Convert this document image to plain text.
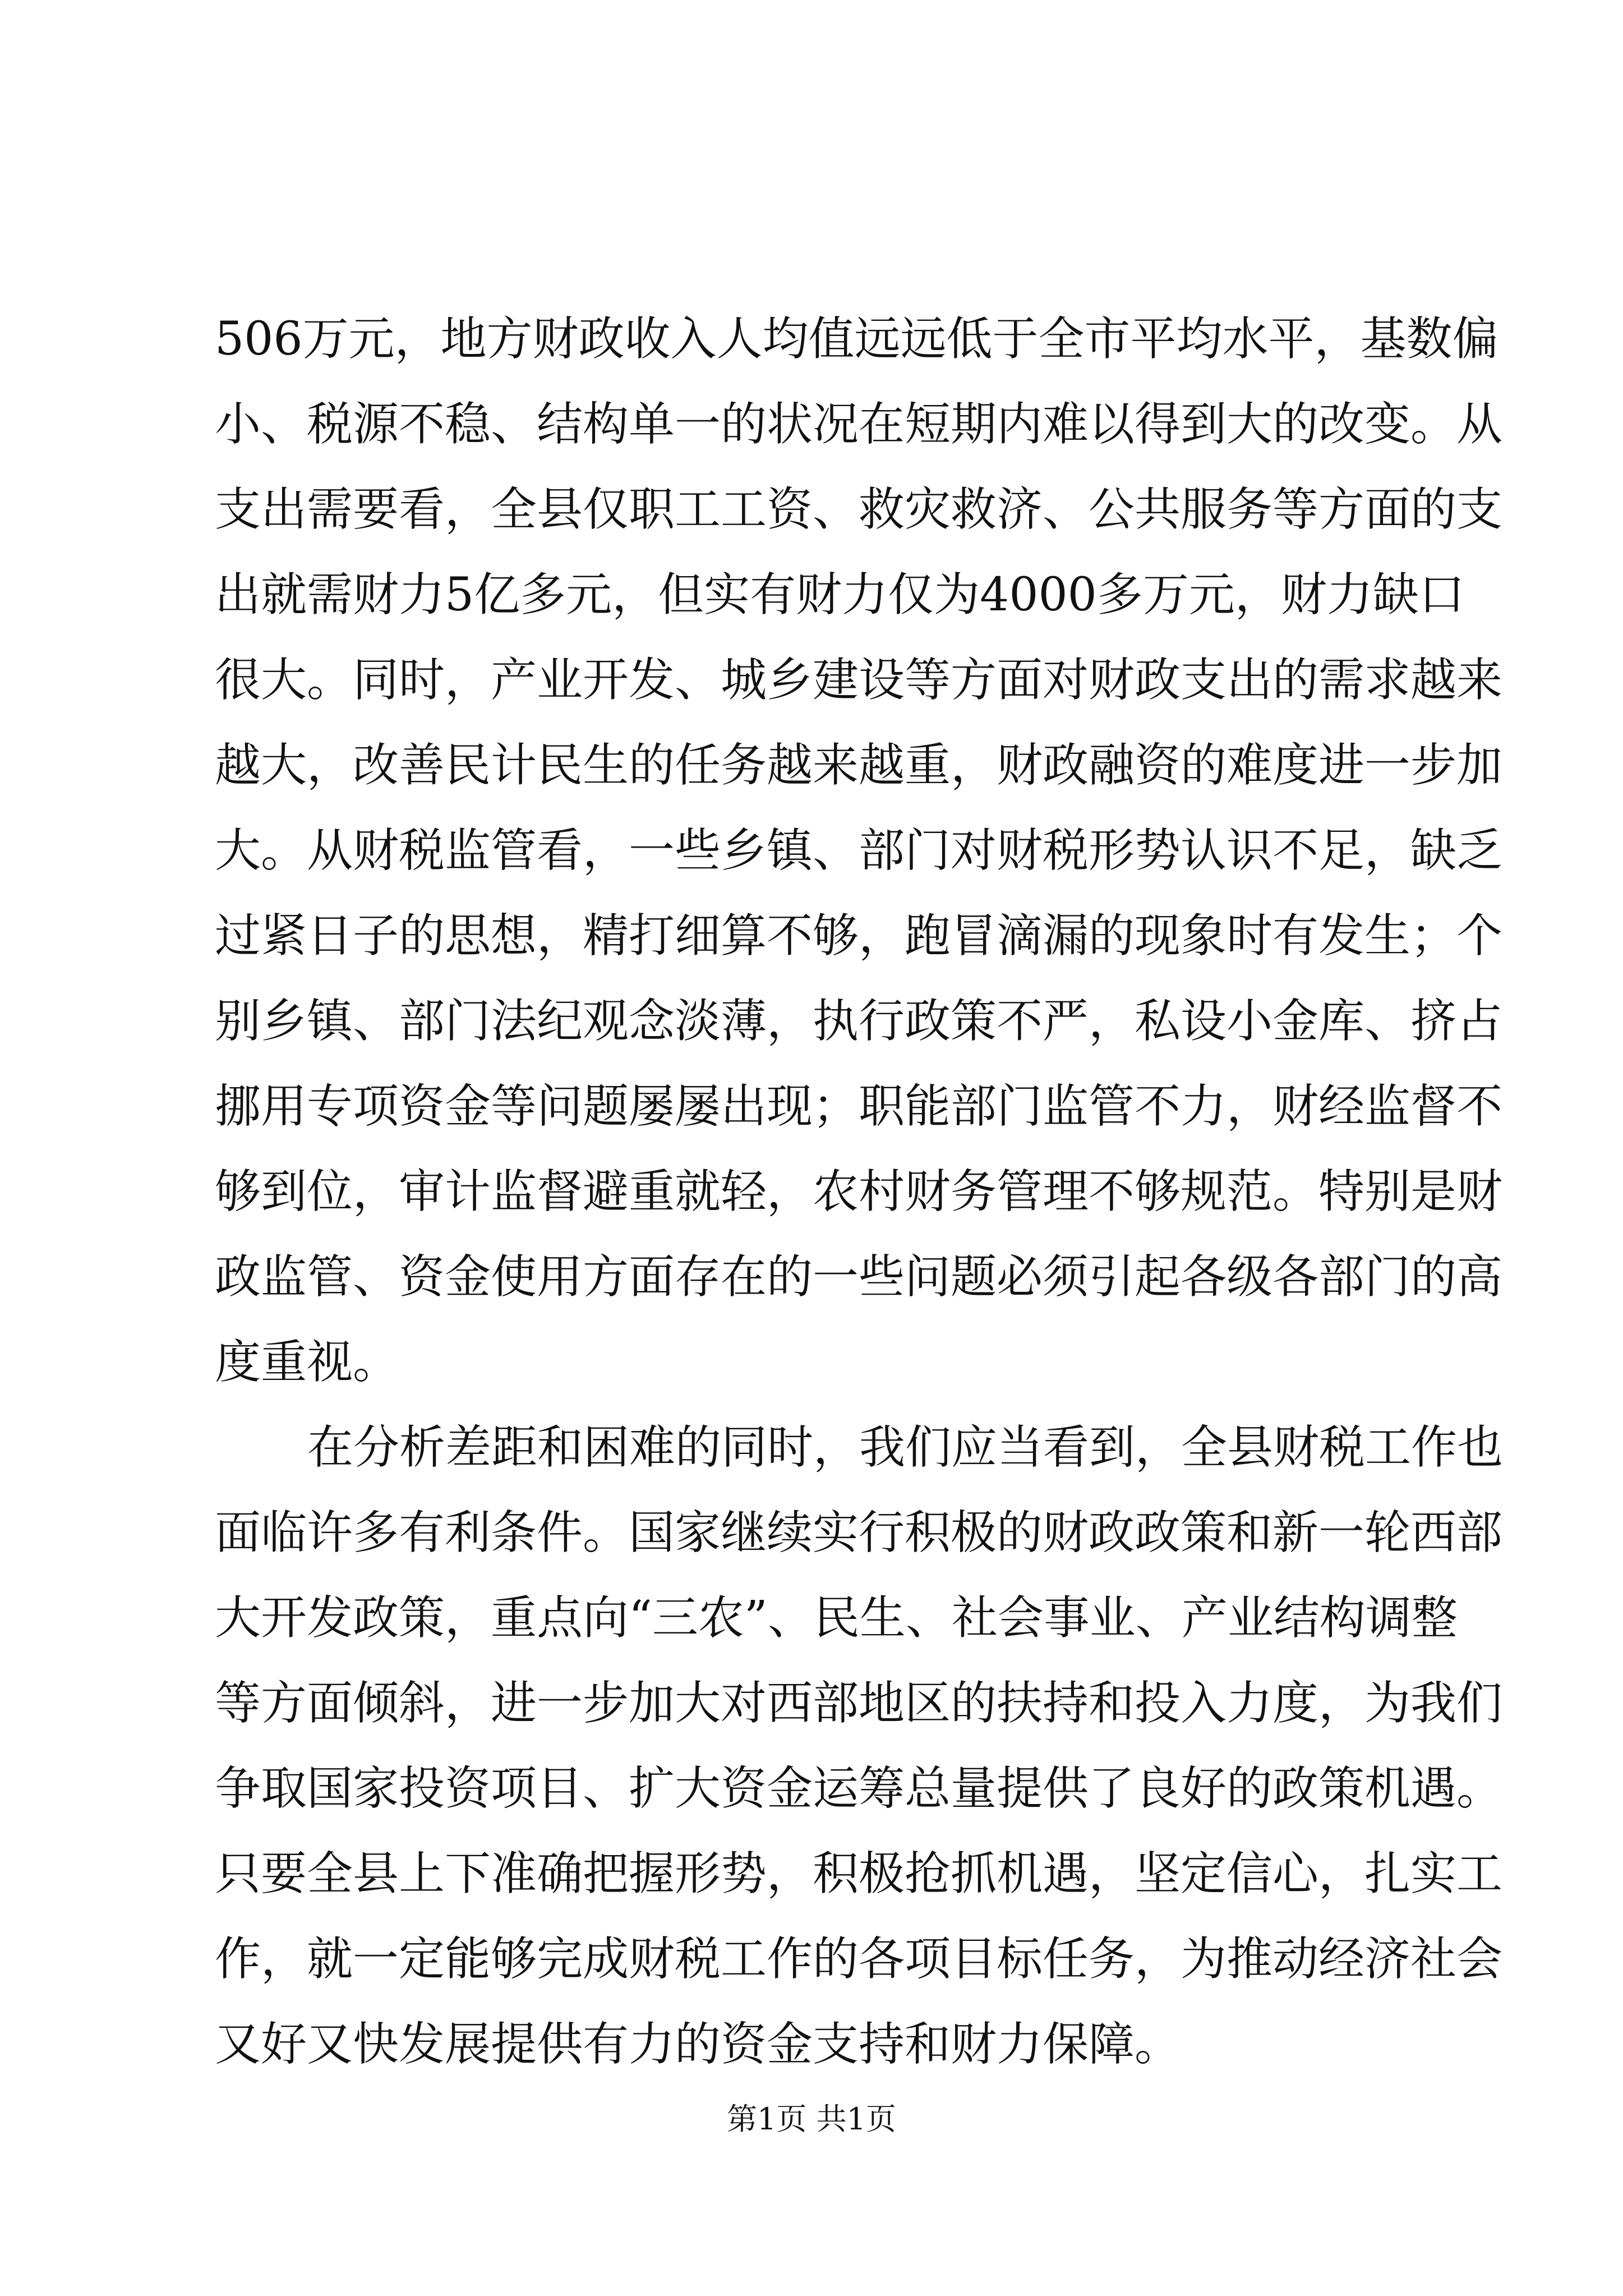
506万元，地方财政收入人均值远远低于全市平均水平，基数偏
小、税源不稳、结构单一的状况在短期内难以得到大的改变。从
支出需要看，全县仅职工工资、救灾救济、公共服务等方面的支
出就需财力5亿多元，但实有财力仅为4000多万元，财力缺口
很大。同时，产业开发、城乡建设等方面对财政支出的需求越来
越大，改善民计民生的任务越来越重，财政融资的难度进一步加
大。从财税监管看，一些乡镇、部门对财税形势认识不足，缺乏
过紧日子的思想，精打细算不够，跑冒滴漏的现象时有发生；个
别乡镇、部门法纪观念淡薄，执行政策不严，私设小金库、挤占
挪用专项资金等问题屡屡出现；职能部门监管不力，财经监督不
够到位，审计监督避重就轻，农村财务管理不够规范。特别是财
政监管、资金使用方面存在的一些问题必须引起各级各部门的高
度重视。
在分析差距和困难的同时，我们应当看到，全县财税工作也
面临许多有利条件。国家继续实行积极的财政政策和新一轮西部
大开发政策，重点向“三农”、民生、社会事业、产业结构调整
等方面倾斜，进一步加大对西部地区的扶持和投入力度，为我们
争取国家投资项目、扩大资金运筹总量提供了良好的政策机遇。
只要全县上下准确把握形势，积极抢抓机遇，坚定信心，扎实工
作，就一定能够完成财税工作的各项目标任务，为推动经济社会
又好又快发展提供有力的资金支持和财力保障。
第1页 共1页
